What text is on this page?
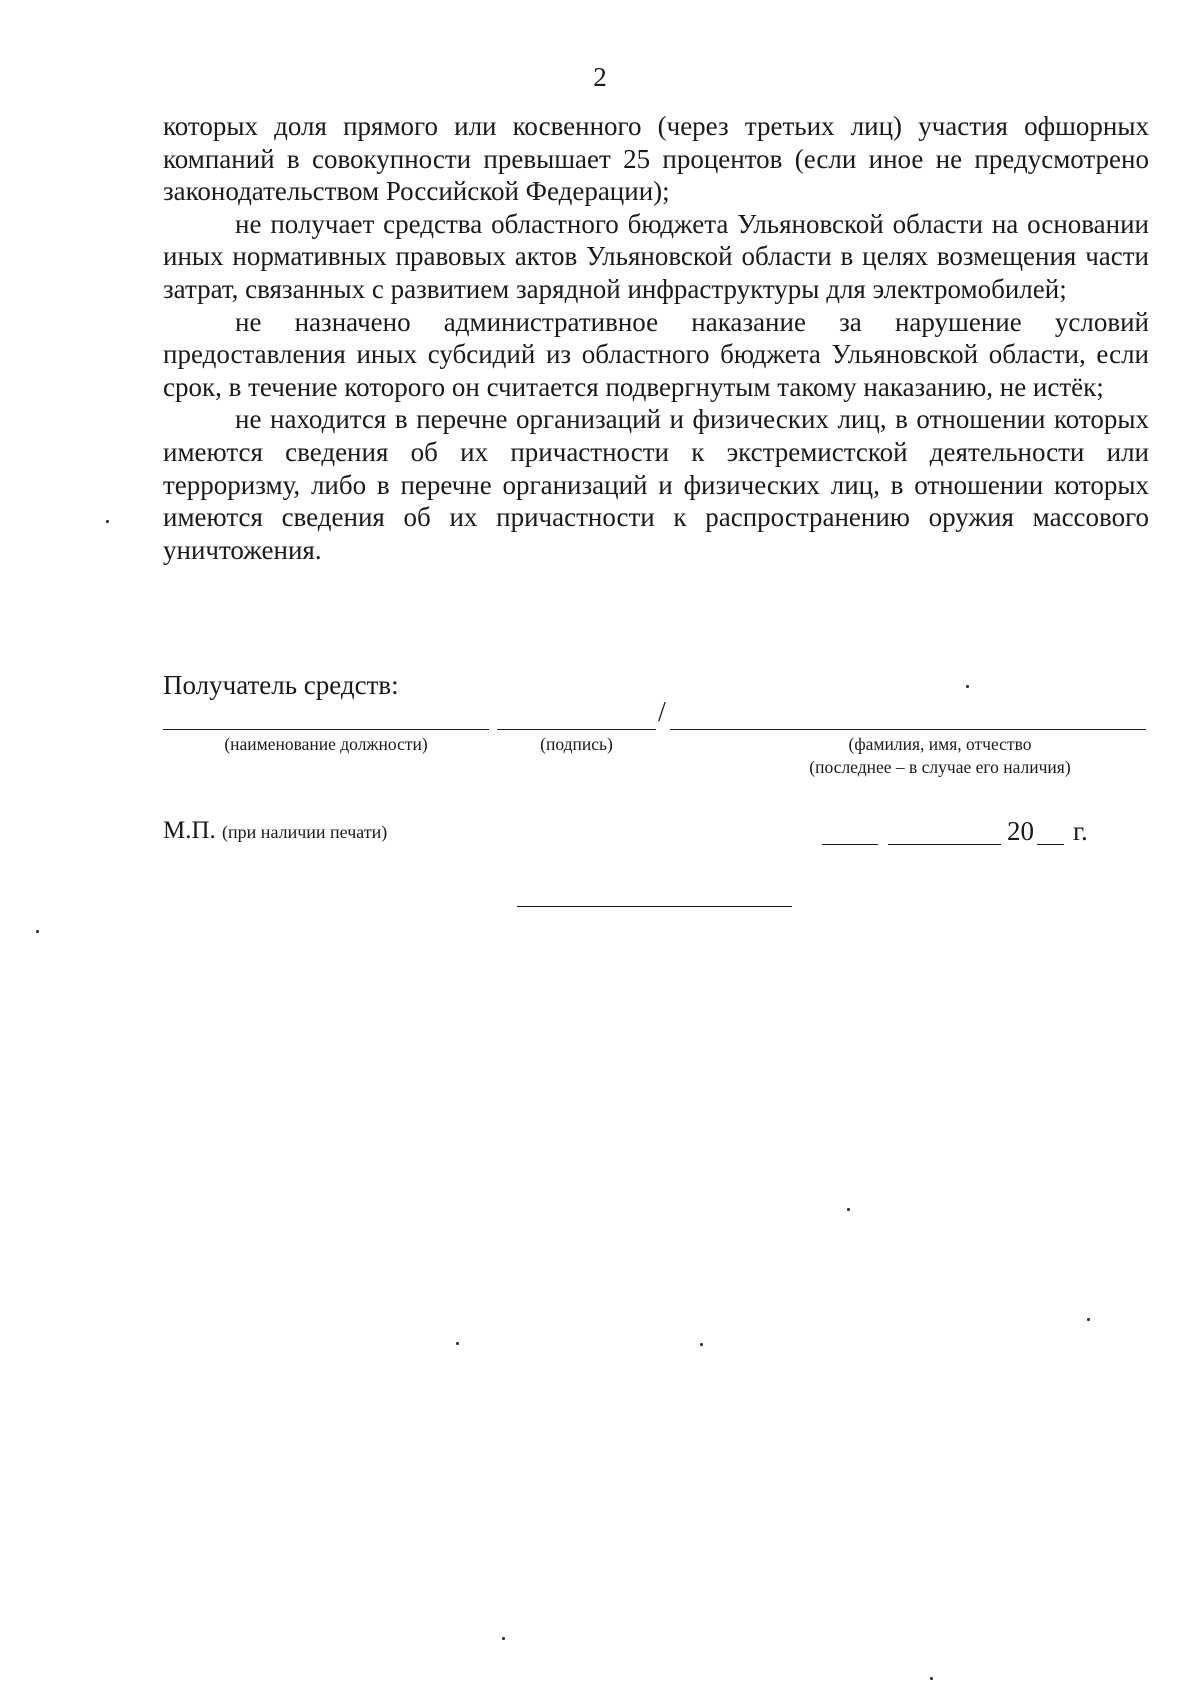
2

которых доля прямого или косвенного (через третьих лиц) участия офшорных компаний в совокупности превышает 25 процентов (если иное не предусмотрено законодательством Российской Федерации);

не получает средства областного бюджета Ульяновской области на основании иных нормативных правовых актов Ульяновской области в целях возмещения части затрат, связанных с развитием зарядной инфраструктуры для электромобилей;

не назначено административное наказание за нарушение условий предоставления иных субсидий из областного бюджета Ульяновской области, если срок, в течение которого он считается подвергнутым такому наказанию, не истёк;

не находится в перечне организаций и физических лиц, в отношении которых имеются сведения об их причастности к экстремистской деятельности или терроризму, либо в перечне организаций и физических лиц, в отношении которых имеются сведения об их причастности к распространению оружия массового уничтожения.

Получатель средств:
/
(наименование должности)	(подпись)	(фамилия, имя, отчество
(последнее – в случае его наличия)
М.П. (при наличии печати)	20 г.
